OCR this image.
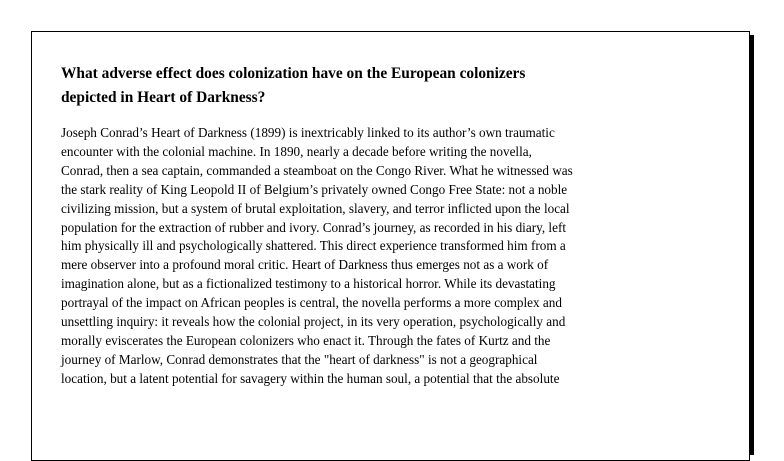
What adverse effect does colonization have on the European colonizers
depicted in Heart of Darkness?
Joseph Conrad’s Heart of Darkness (1899) is inextricably linked to its author’s own traumatic
encounter with the colonial machine. In 1890, nearly a decade before writing the novella,
Conrad, then a sea captain, commanded a steamboat on the Congo River. What he witnessed was
the stark reality of King Leopold II of Belgium’s privately owned Congo Free State: not a noble
civilizing mission, but a system of brutal exploitation, slavery, and terror inflicted upon the local
population for the extraction of rubber and ivory. Conrad’s journey, as recorded in his diary, left
him physically ill and psychologically shattered. This direct experience transformed him from a
mere observer into a profound moral critic. Heart of Darkness thus emerges not as a work of
imagination alone, but as a fictionalized testimony to a historical horror. While its devastating
portrayal of the impact on African peoples is central, the novella performs a more complex and
unsettling inquiry: it reveals how the colonial project, in its very operation, psychologically and
morally eviscerates the European colonizers who enact it. Through the fates of Kurtz and the
journey of Marlow, Conrad demonstrates that the "heart of darkness" is not a geographical
location, but a latent potential for savagery within the human soul, a potential that the absolute
